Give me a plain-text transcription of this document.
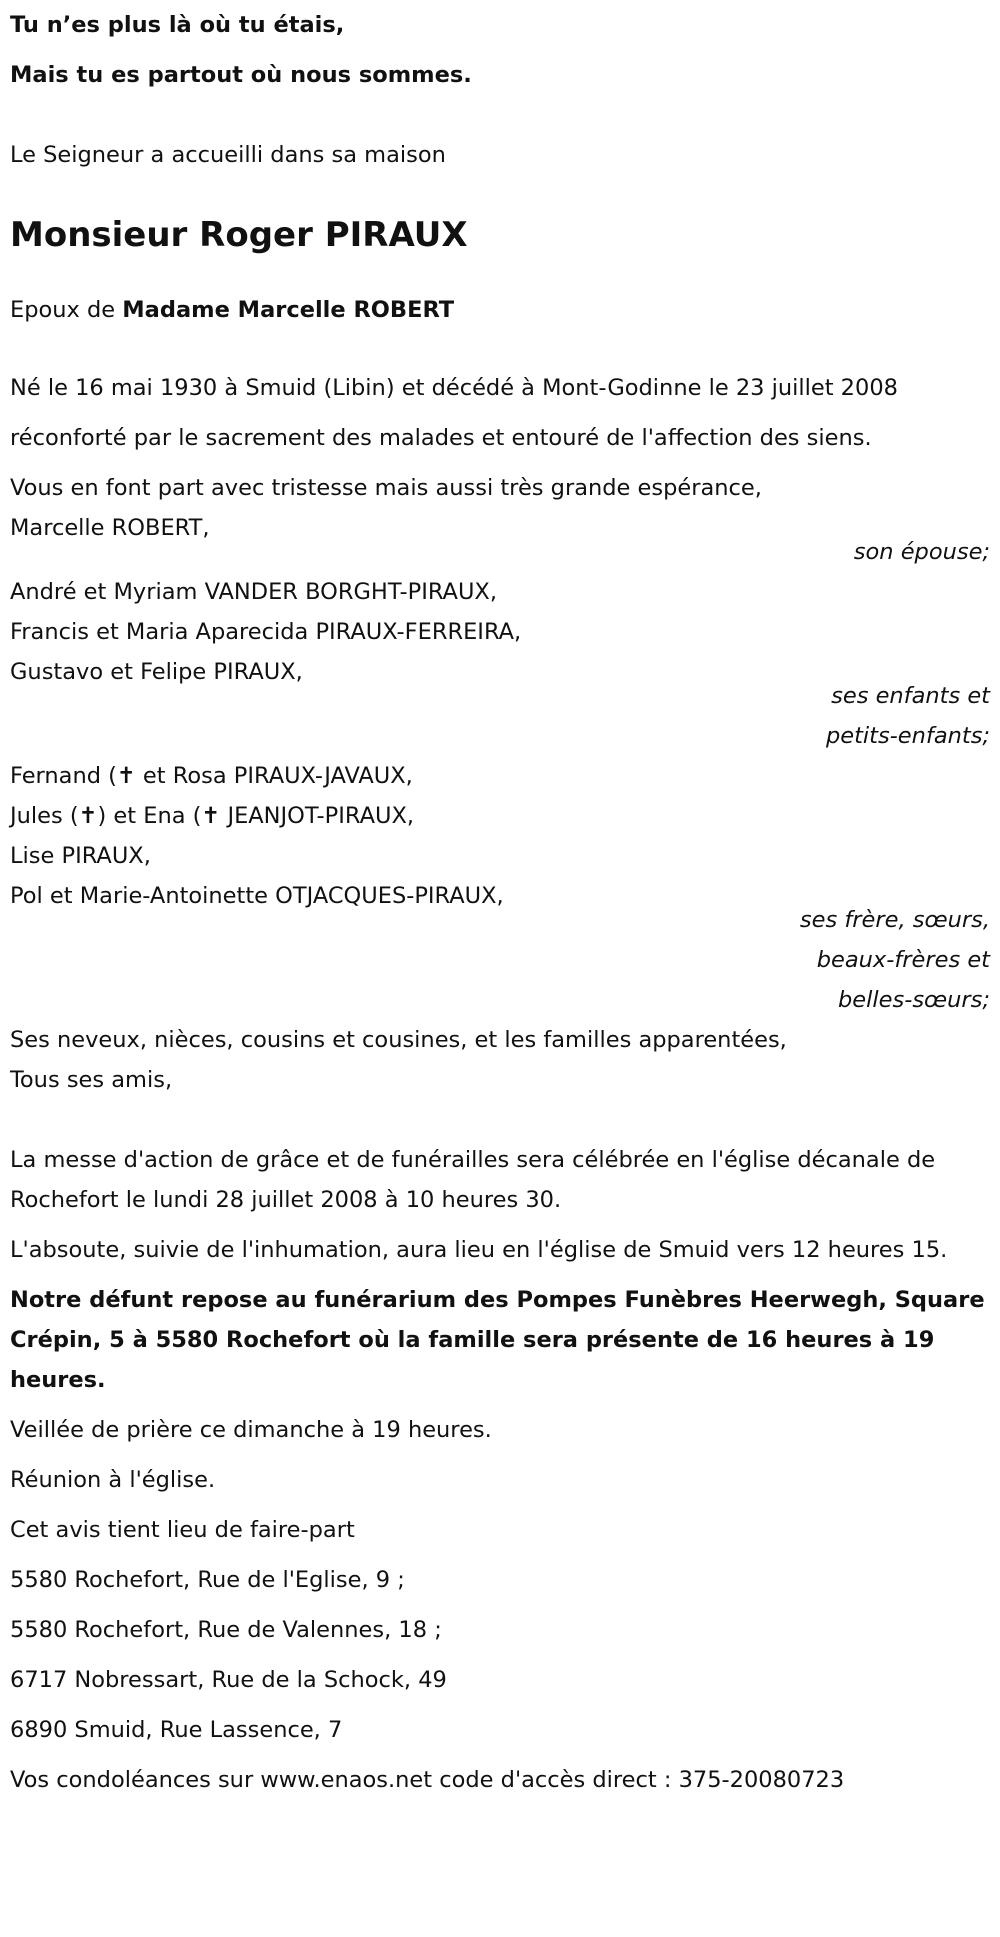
Tu n’es plus là où tu étais,

Mais tu es partout où nous sommes.

Le Seigneur a accueilli dans sa maison

Monsieur Roger PIRAUX

Epoux de Madame Marcelle ROBERT

Né le 16 mai 1930 à Smuid (Libin) et décédé à Mont-Godinne le 23 juillet 2008

réconforté par le sacrement des malades et entouré de l'affection des siens.

Vous en font part avec tristesse mais aussi très grande espérance,

Marcelle ROBERT,

son épouse;

André et Myriam VANDER BORGHT-PIRAUX,

Francis et Maria Aparecida PIRAUX-FERREIRA,

Gustavo et Felipe PIRAUX,

ses enfants et

petits-enfants;

Fernand (✝ et Rosa PIRAUX-JAVAUX,

Jules (✝) et Ena (✝ JEANJOT-PIRAUX,

Lise PIRAUX,

Pol et Marie-Antoinette OTJACQUES-PIRAUX,

ses frère, sœurs,

beaux-frères et

belles-sœurs;

Ses neveux, nièces, cousins et cousines, et les familles apparentées,

Tous ses amis,

La messe d'action de grâce et de funérailles sera célébrée en l'église décanale de Rochefort le lundi 28 juillet 2008 à 10 heures 30.

L'absoute, suivie de l'inhumation, aura lieu en l'église de Smuid vers 12 heures 15.

Notre défunt repose au funérarium des Pompes Funèbres Heerwegh, Square Crépin, 5 à 5580 Rochefort où la famille sera présente de 16 heures à 19 heures.

Veillée de prière ce dimanche à 19 heures.

Réunion à l'église.

Cet avis tient lieu de faire-part

5580 Rochefort, Rue de l'Eglise, 9 ;

5580 Rochefort, Rue de Valennes, 18 ;

6717 Nobressart, Rue de la Schock, 49

6890 Smuid, Rue Lassence, 7

Vos condoléances sur www.enaos.net code d'accès direct : 375-20080723
